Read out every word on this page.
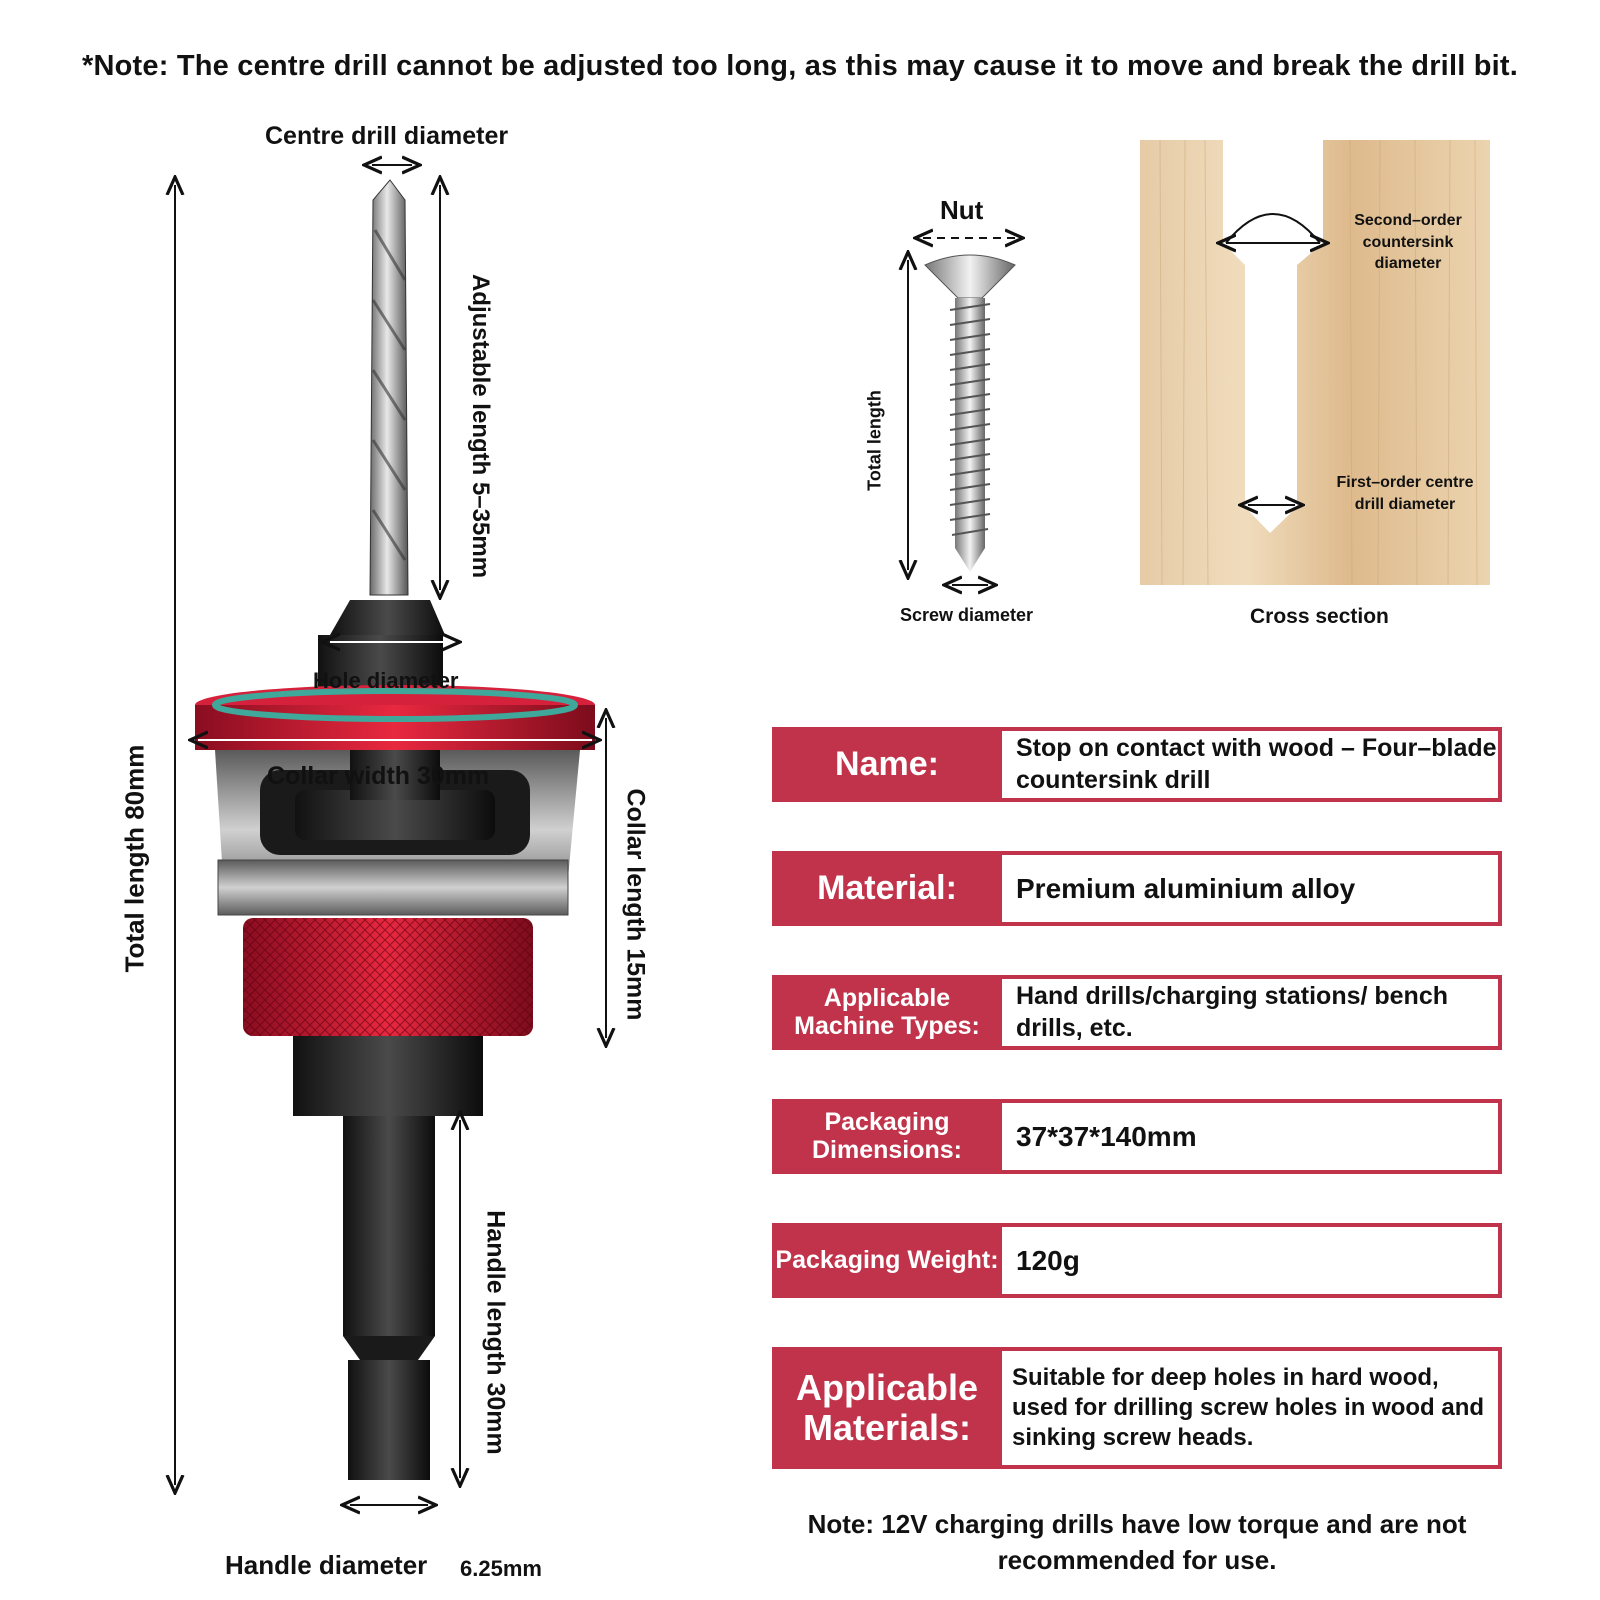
*Note: The centre drill cannot be adjusted too long, as this may cause it to move and break the drill bit.
Centre drill diameter
Adjustable length 5–35mm
Hole diameter
Collar width 30mm
Collar length 15mm
Total length 80mm
Handle length 30mm
Handle diameter 6.25mm
Nut
Total length
Screw diameter
Second–order countersink diameter
First–order centre drill diameter
Cross section
Name:	Stop on contact with wood – Four–blade countersink drill
Material:	Premium aluminium alloy
Applicable Machine Types:
Hand drills/charging stations/ bench drills, etc.
Packaging Dimensions:	37*37*140mm
Packaging Weight: 120g
Applicable Materials:
Suitable for deep holes in hard wood, used for drilling screw holes in wood and sinking screw heads.
Note: 12V charging drills have low torque and are not recommended for use.
